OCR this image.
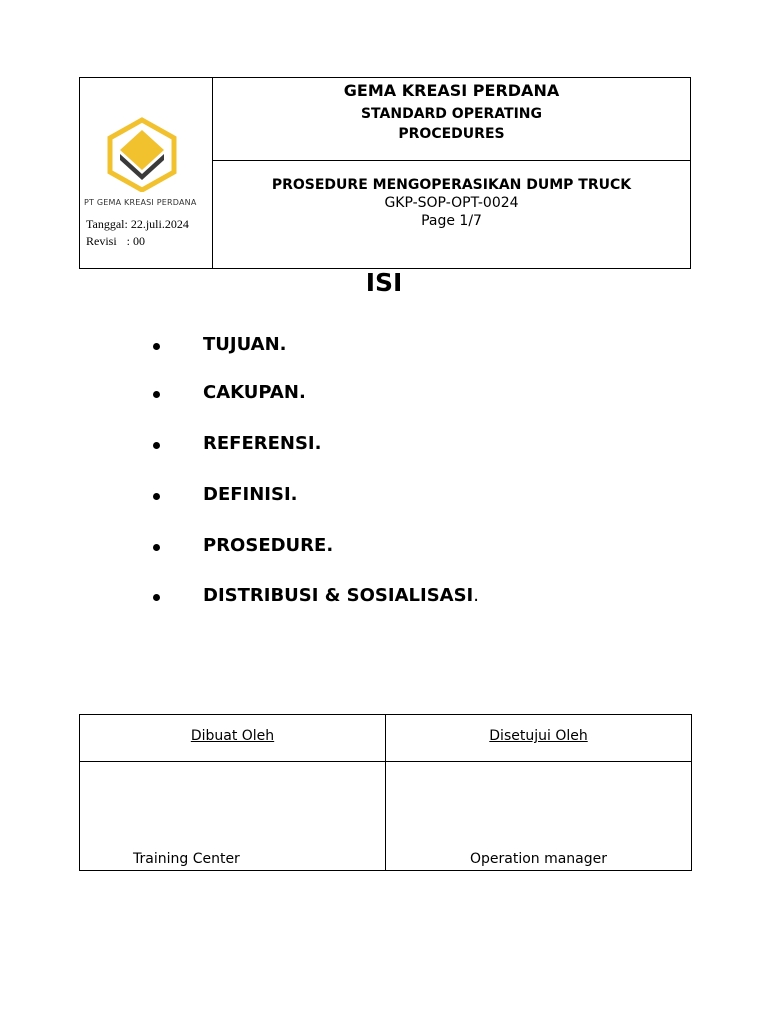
PT GEMA KREASI PERDANA
Tanggal: 22.juli.2024
Revisi : 00
GEMA KREASI PERDANA
STANDARD OPERATING
PROCEDURES
PROSEDURE MENGOPERASIKAN DUMP TRUCK
GKP-SOP-OPT-0024
Page 1/7
ISI
TUJUAN.
CAKUPAN.
REFERENSI.
DEFINISI.
PROSEDURE.
DISTRIBUSI & SOSIALISASI.
Dibuat Oleh	Disetujui Oleh
Training Center	Operation manager
